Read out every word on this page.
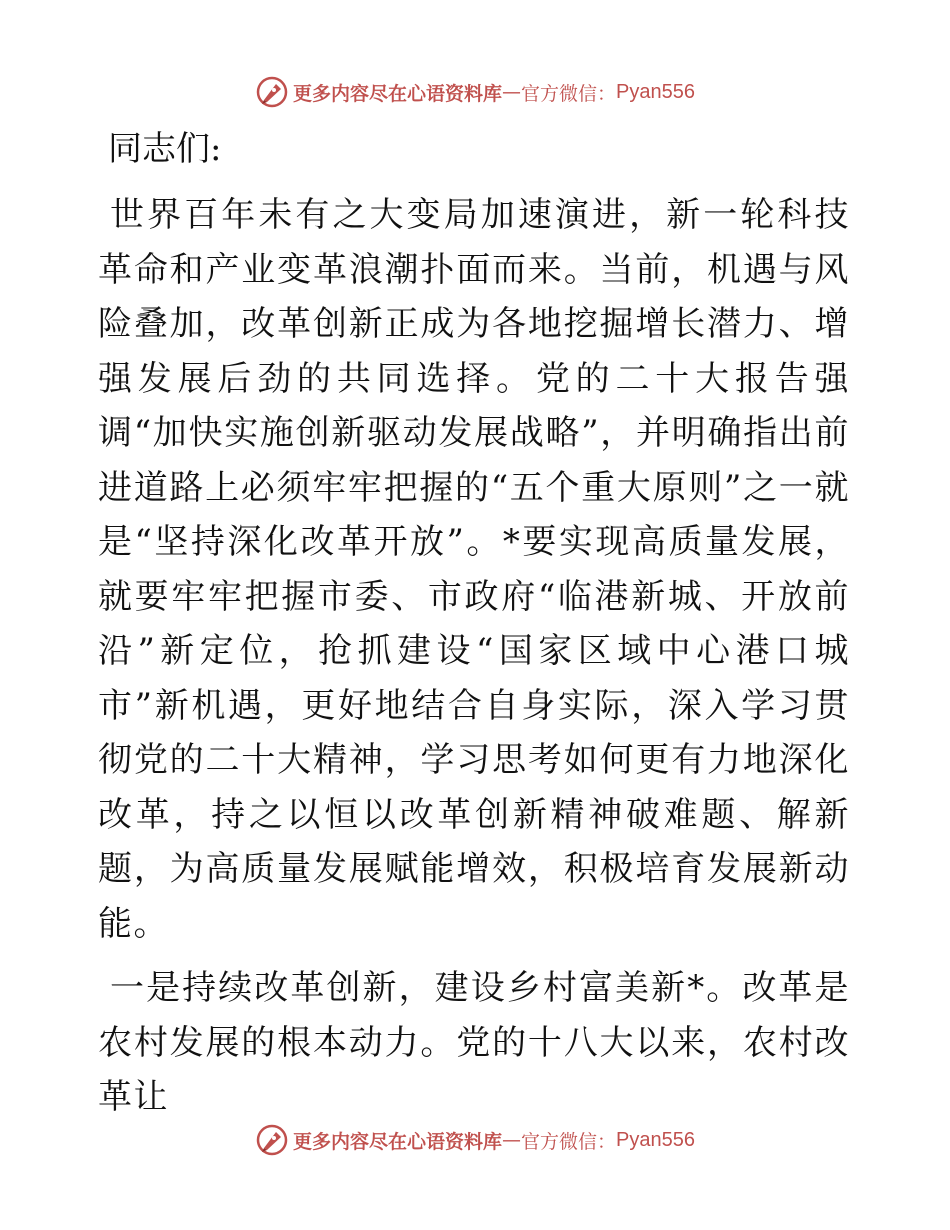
更多内容尽在心语资料库 — 官方微信： Pyan556
同志们:

世界百年未有之大变局加速演进，新一轮科技革命和产业变革浪潮扑面而来。当前，机遇与风险叠加，改革创新正成为各地挖掘增长潜力、增强发展后劲的共同选择。党的二十大报告强调“加快实施创新驱动发展战略”，并明确指出前进道路上必须牢牢把握的“五个重大原则”之一就是“坚持深化改革开放”。*要实现高质量发展，就要牢牢把握市委、市政府“临港新城、开放前沿”新定位，抢抓建设“国家区域中心港口城市”新机遇，更好地结合自身实际，深入学习贯彻党的二十大精神，学习思考如何更有力地深化改革，持之以恒以改革创新精神破难题、解新题，为高质量发展赋能增效，积极培育发展新动能。

一是持续改革创新，建设乡村富美新*。改革是农村发展的根本动力。党的十八大以来，农村改革让

更多内容尽在心语资料库 — 官方微信： Pyan556
